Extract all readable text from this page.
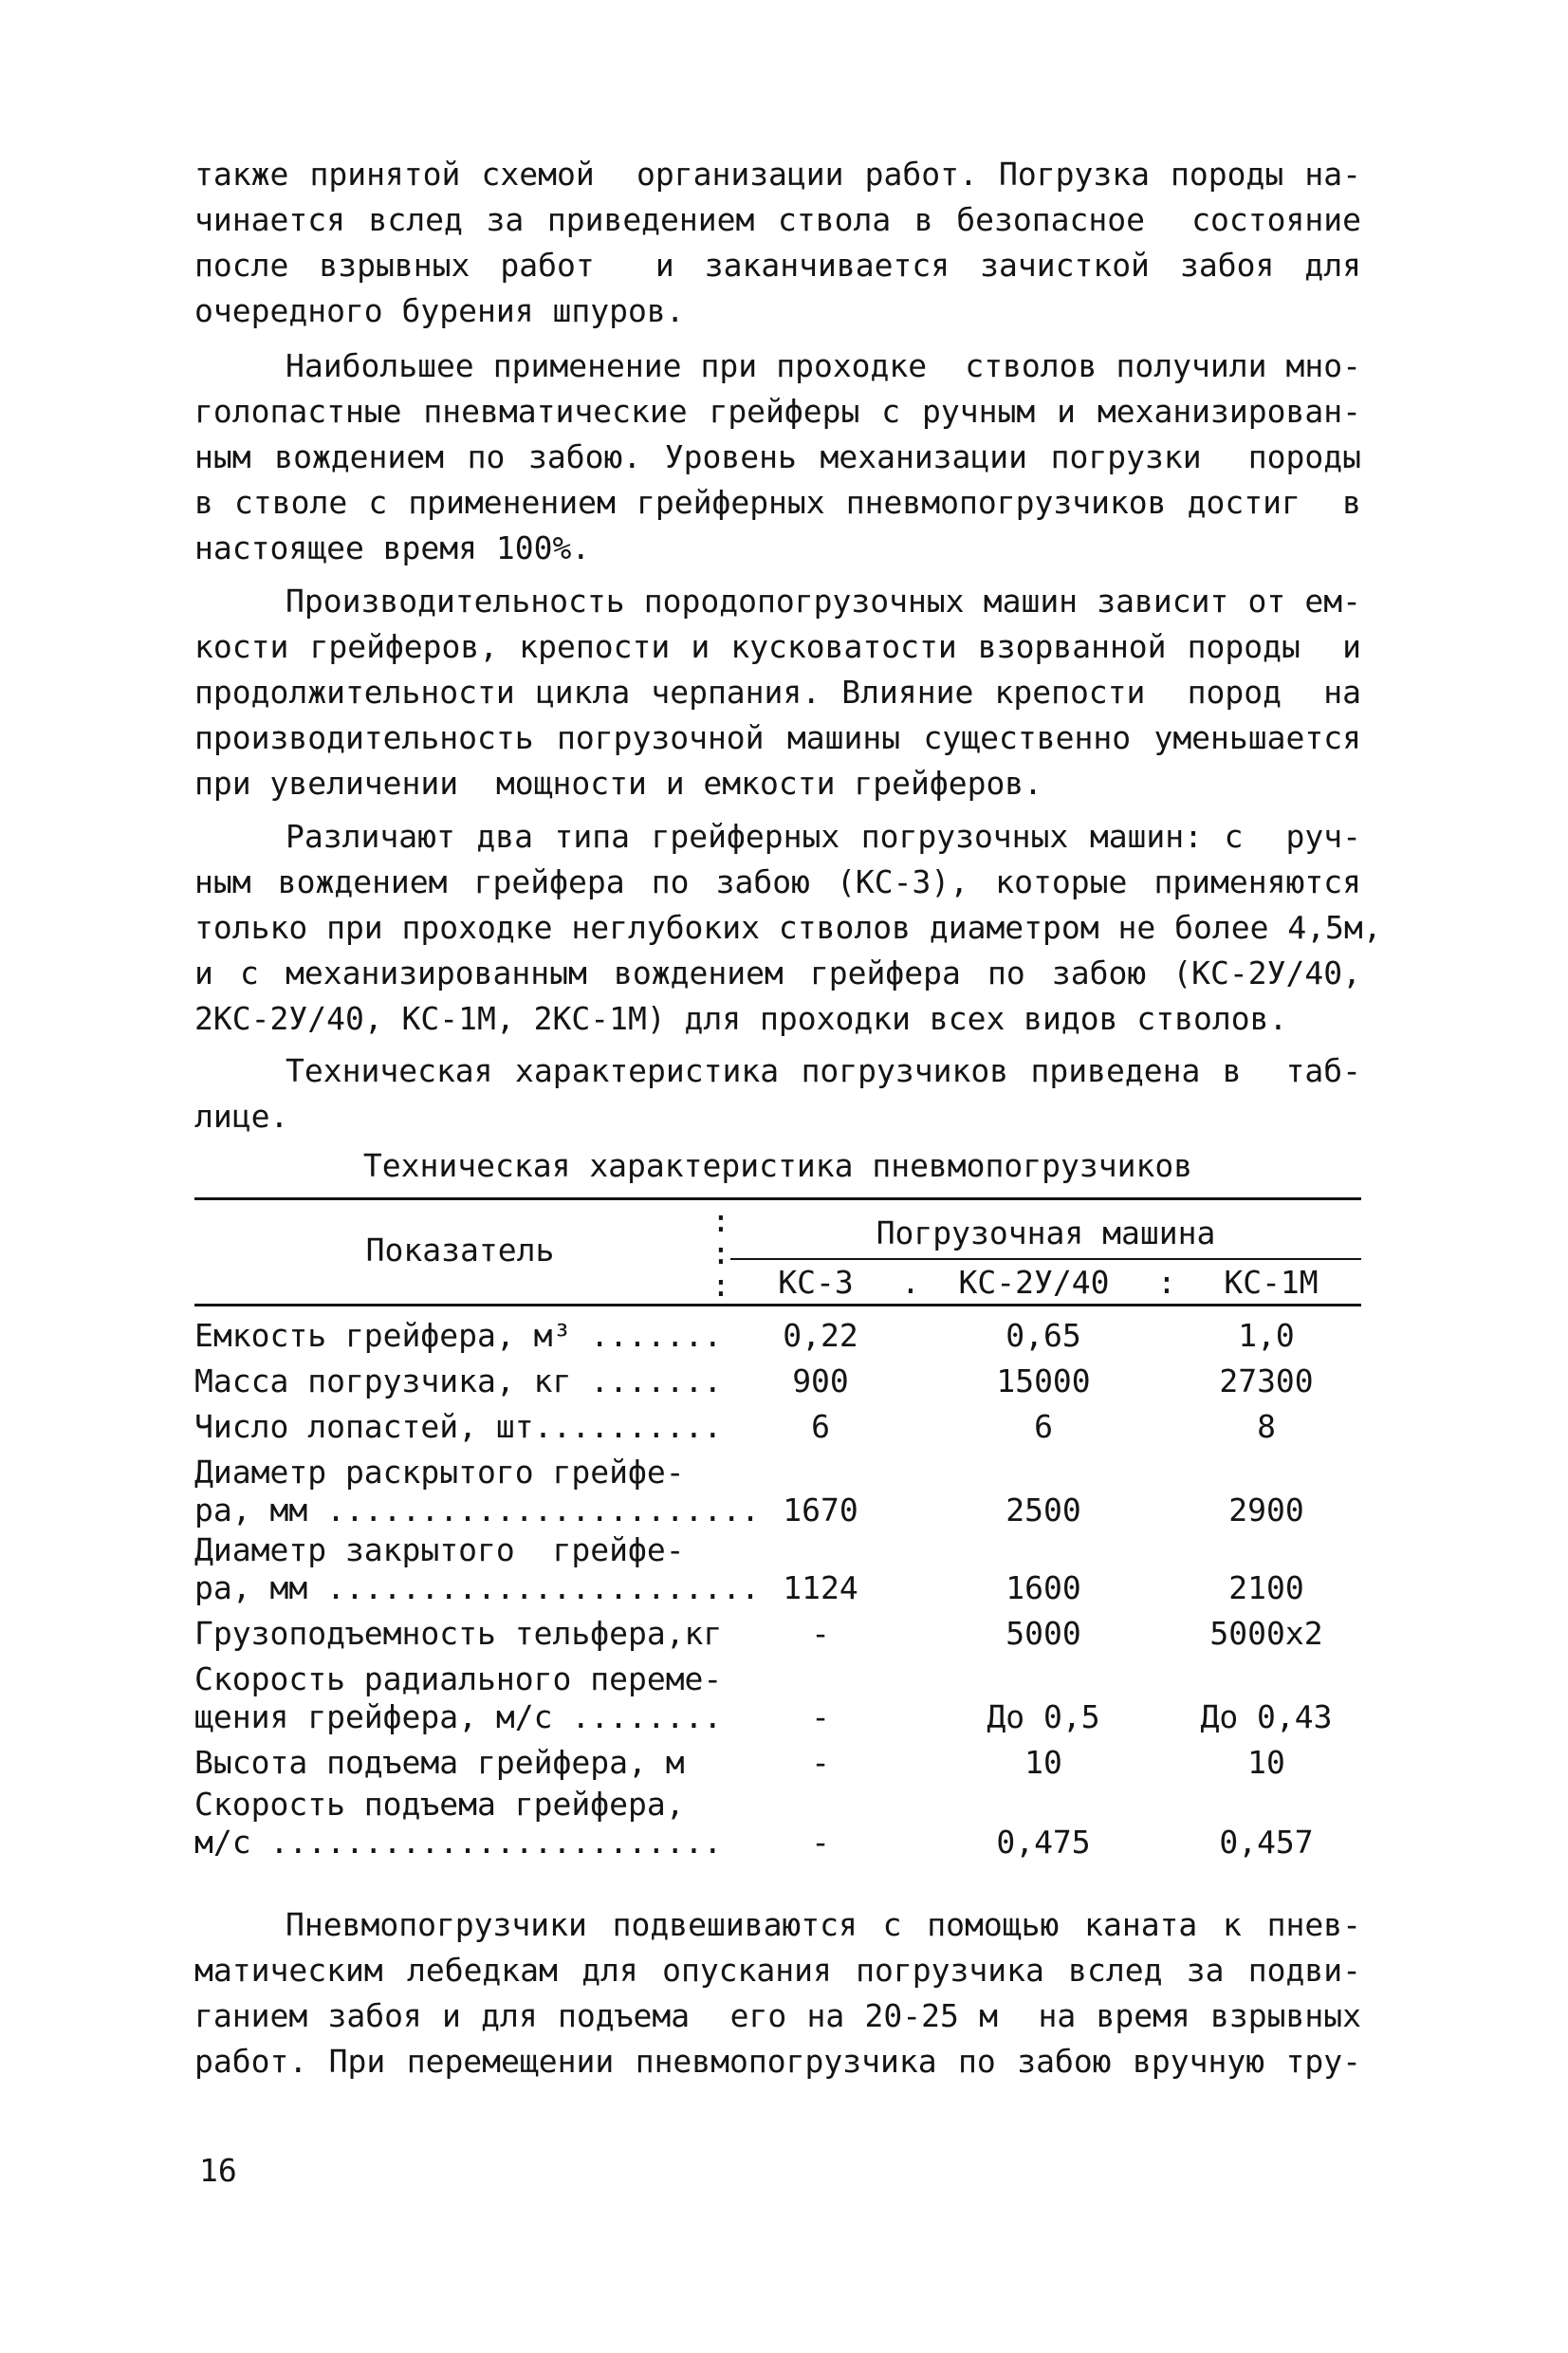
также принятой схемой  организации работ. Погрузка породы на-
чинается вслед за приведением ствола в безопасное  состояние
после взрывных работ  и заканчивается зачисткой забоя для
очередного бурения шпуров.
Наибольшее применение при проходке  стволов получили мно-
голопастные пневматические грейферы с ручным и механизирован-
ным вождением по забою. Уровень механизации погрузки  породы
в стволе с применением грейферных пневмопогрузчиков достиг  в
настоящее время 100%.
Производительность породопогрузочных машин зависит от ем-
кости грейферов, крепости и кусковатости взорванной породы  и
продолжительности цикла черпания. Влияние крепости  пород  на
производительность погрузочной машины существенно уменьшается
при увеличении  мощности и емкости грейферов.
Различают два типа грейферных погрузочных машин: с  руч-
ным вождением грейфера по забою (КС-3), которые применяются
только при проходке неглубоких стволов диаметром не более 4,5м,
и с механизированным вождением грейфера по забою (КС-2У/40,
2КС-2У/40, КС-1М, 2КС-1М) для проходки всех видов стволов.
Техническая характеристика погрузчиков приведена в  таб-
лице.
Техническая характеристика пневмопогрузчиков
Показатель
:
:
:
Погрузочная машина
КС-3	.	КС-2У/40	:	КС-1М
Емкость грейфера, м³ .......	0,22	0,65	1,0
Масса погрузчика, кг .......	900	15000	27300
Число лопастей, шт..........	6	6	8
Диаметр раскрытого грейфе-
ра, мм ....................... 1670	2500	2900
Диаметр закрытого  грейфе-
ра, мм ....................... 1124	1600	2100
Грузоподъемность тельфера,кг	-	5000	5000х2
Скорость радиального переме-
щения грейфера, м/с ........	-	До 0,5	До 0,43
Высота подъема грейфера, м	-	10	10
Скорость подъема грейфера,
м/с ........................	-	0,475	0,457
Пневмопогрузчики подвешиваются с помощью каната к пнев-
матическим лебедкам для опускания погрузчика вслед за подви-
ганием забоя и для подъема  его на 20-25 м  на время взрывных
работ. При перемещении пневмопогрузчика по забою вручную тру-
16
